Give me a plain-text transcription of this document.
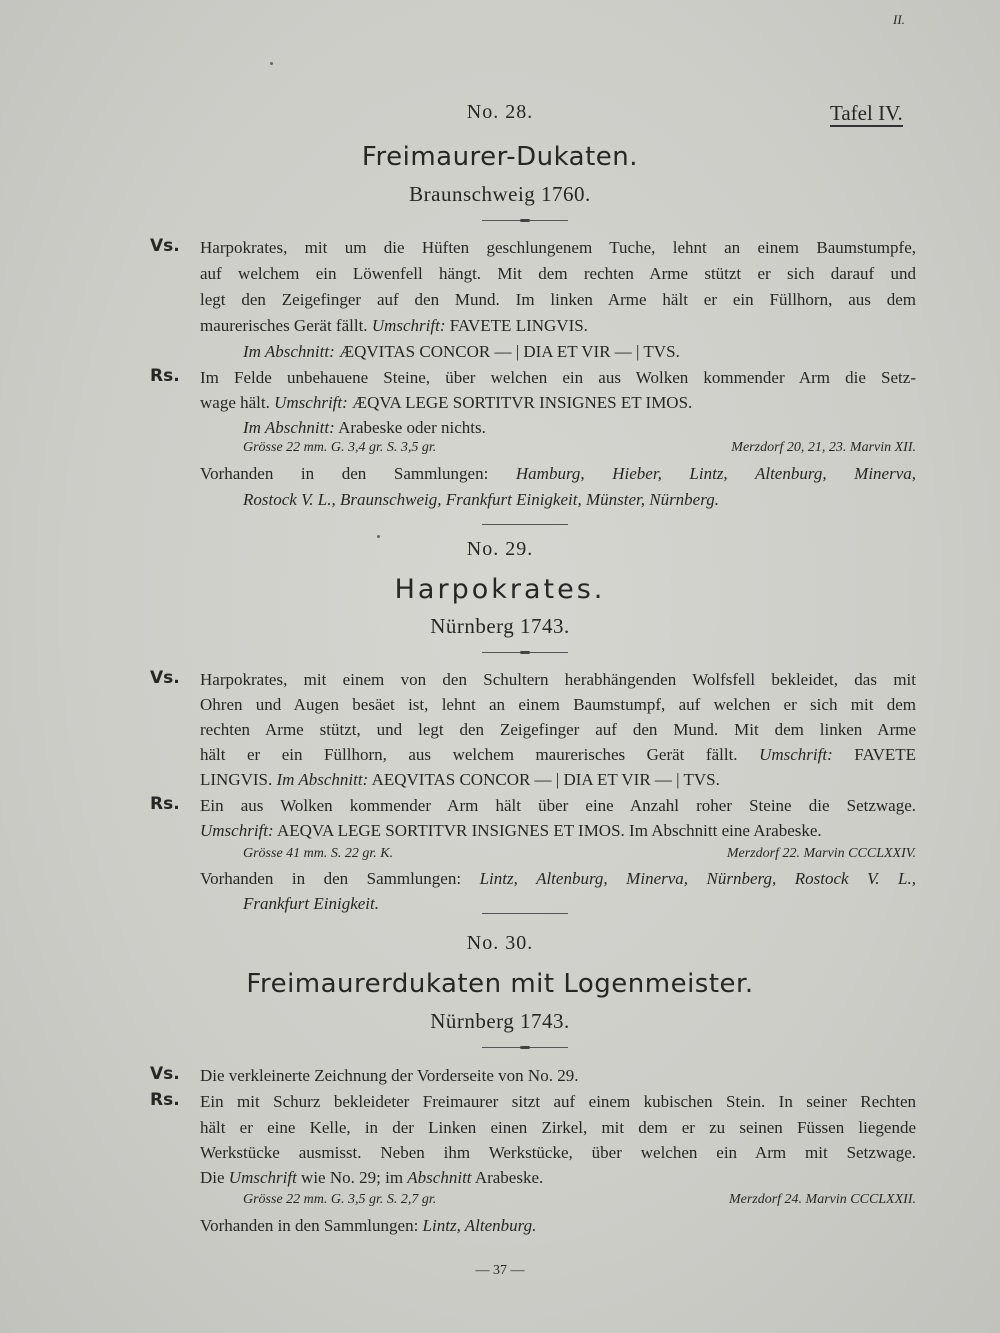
II.
Tafel IV.
No. 28.
Freimaurer-Dukaten.
Braunschweig 1760.
Vs. Harpokrates, mit um die Hüften geschlungenem Tuche, lehnt an einem Baumstumpfe,
auf welchem ein Löwenfell hängt. Mit dem rechten Arme stützt er sich darauf und
legt den Zeigefinger auf den Mund. Im linken Arme hält er ein Füllhorn, aus dem
maurerisches Gerät fällt. Umschrift: FAVETE LINGVIS.
Im Abschnitt: ÆQVITAS CONCOR — | DIA ET VIR — | TVS.
Rs. Im Felde unbehauene Steine, über welchen ein aus Wolken kommender Arm die Setz-
wage hält. Umschrift: ÆQVA LEGE SORTITVR INSIGNES ET IMOS.
Im Abschnitt: Arabeske oder nichts.
Grösse 22 mm. G. 3,4 gr. S. 3,5 gr.	Merzdorf 20, 21, 23. Marvin XII.
Vorhanden in den Sammlungen: Hamburg, Hieber, Lintz, Altenburg, Minerva,
Rostock V. L., Braunschweig, Frankfurt Einigkeit, Münster, Nürnberg.
No. 29.
Harpokrates.
Nürnberg 1743.
Vs. Harpokrates, mit einem von den Schultern herabhängenden Wolfsfell bekleidet, das mit
Ohren und Augen besäet ist, lehnt an einem Baumstumpf, auf welchen er sich mit dem
rechten Arme stützt, und legt den Zeigefinger auf den Mund. Mit dem linken Arme
hält er ein Füllhorn, aus welchem maurerisches Gerät fällt. Umschrift: FAVETE
LINGVIS. Im Abschnitt: AEQVITAS CONCOR — | DIA ET VIR — | TVS.
Rs. Ein aus Wolken kommender Arm hält über eine Anzahl roher Steine die Setzwage.
Umschrift: AEQVA LEGE SORTITVR INSIGNES ET IMOS. Im Abschnitt eine Arabeske.
Grösse 41 mm. S. 22 gr. K.	Merzdorf 22. Marvin CCCLXXIV.
Vorhanden in den Sammlungen: Lintz, Altenburg, Minerva, Nürnberg, Rostock V. L.,
Frankfurt Einigkeit.
No. 30.
Freimaurerdukaten mit Logenmeister.
Nürnberg 1743.
Vs. Die verkleinerte Zeichnung der Vorderseite von No. 29.
Rs. Ein mit Schurz bekleideter Freimaurer sitzt auf einem kubischen Stein. In seiner Rechten
hält er eine Kelle, in der Linken einen Zirkel, mit dem er zu seinen Füssen liegende
Werkstücke ausmisst. Neben ihm Werkstücke, über welchen ein Arm mit Setzwage.
Die Umschrift wie No. 29; im Abschnitt Arabeske.
Grösse 22 mm. G. 3,5 gr. S. 2,7 gr.	Merzdorf 24. Marvin CCCLXXII.
Vorhanden in den Sammlungen: Lintz, Altenburg.
— 37 —
